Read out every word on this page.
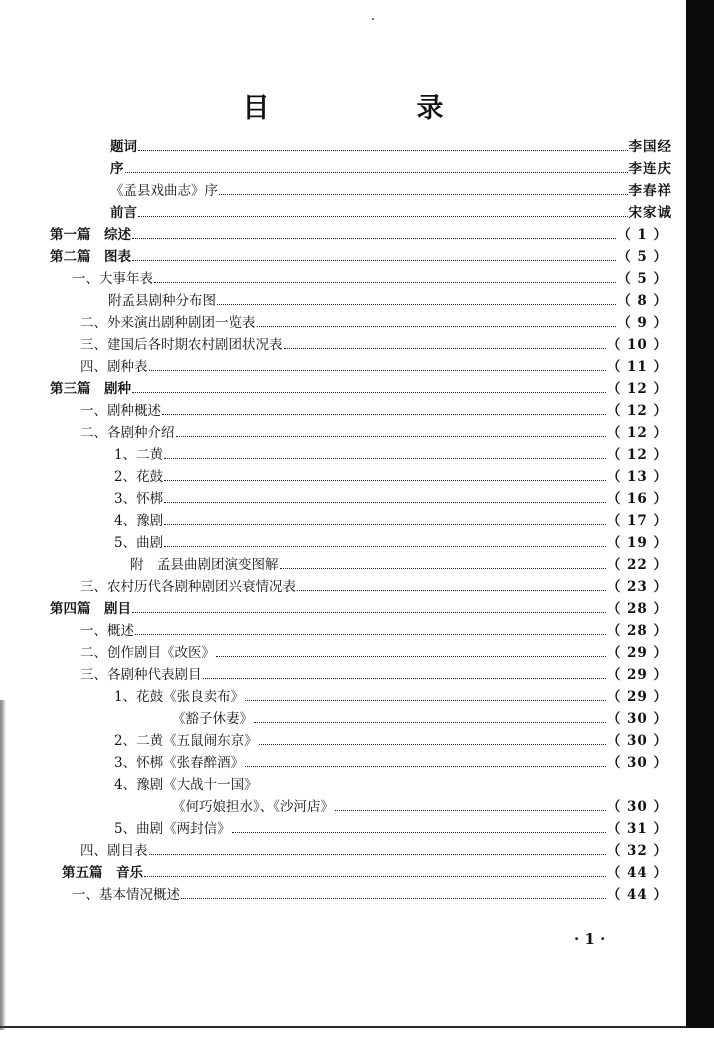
目　录
题词	李国经
序	李连庆
《孟县戏曲志》序	李春祥
前言	宋家诚
第一篇　综述	（ 1 ）
第二篇　图表	（ 5 ）
一、大事年表	（ 5 ）
附孟县剧种分布图	（ 8 ）
二、外来演出剧种剧团一览表	（ 9 ）
三、建国后各时期农村剧团状况表	（ 10 ）
四、剧种表	（ 11 ）
第三篇　剧种	（ 12 ）
一、剧种概述	（ 12 ）
二、各剧种介绍	（ 12 ）
1、二黄	（ 12 ）
2、花鼓	（ 13 ）
3、怀梆	（ 16 ）
4、豫剧	（ 17 ）
5、曲剧	（ 19 ）
附　孟县曲剧团演变图解	（ 22 ）
三、农村历代各剧种剧团兴衰情况表	（ 23 ）
第四篇　剧目	（ 28 ）
一、概述	（ 28 ）
二、创作剧目《改医》	（ 29 ）
三、各剧种代表剧目	（ 29 ）
1、花鼓《张良卖布》	（ 29 ）
《豁子休妻》	（ 30 ）
2、二黄《五鼠闹东京》	（ 30 ）
3、怀梆《张春醉酒》	（ 30 ）
4、豫剧《大战十一国》
《何巧娘担水》、《沙河店》	（ 30 ）
5、曲剧《两封信》	（ 31 ）
四、剧目表	（ 32 ）
第五篇　音乐	（ 44 ）
一、基本情况概述	（ 44 ）
· 1 ·
